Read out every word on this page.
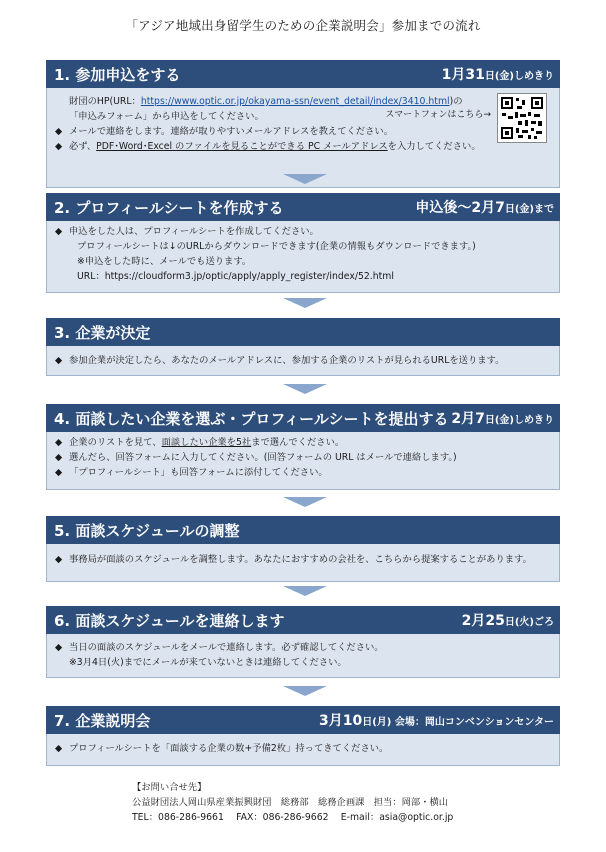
「アジア地域出身留学生のための企業説明会」参加までの流れ
1. 参加申込をする	1月31 日(金)しめきり
財団のHP(URL：https://www.optic.or.jp/okayama-ssn/event_detail/index/3410.html)の
「申込みフォーム」から申込をしてください。
◆ メールで連絡をします。連絡が取りやすいメールアドレスを教えてください。
◆ 必ず、PDF･Word･Excel のファイルを見ることができる PC メールアドレスを入力してください。
スマートフォンはこちら→
2. プロフィールシートを作成する	申込後～2月7 日(金)まで
◆ 申込をした人は、プロフィールシートを作成してください。
プロフィールシートは↓のURLからダウンロードできます(企業の情報もダウンロードできます。)
※申込をした時に、メールでも送ります。
URL：https://cloudform3.jp/optic/apply/apply_register/index/52.html
3. 企業が決定
◆ 参加企業が決定したら、あなたのメールアドレスに、参加する企業のリストが見られるURLを送ります。
4. 面談したい企業を選ぶ・プロフィールシートを提出する 2月7 日(金)しめきり
◆ 企業のリストを見て、面談したい企業を5社まで選んでください。
◆ 選んだら、回答フォームに入力してください。(回答フォームの URL はメールで連絡します。)
◆ 「プロフィールシート」も回答フォームに添付してください。
5. 面談スケジュールの調整
◆ 事務局が面談のスケジュールを調整します。あなたにおすすめの会社を、こちらから提案することがあります。
6. 面談スケジュールを連絡します	2月25 日(火)ごろ
◆ 当日の面談のスケジュールをメールで連絡します。必ず確認してください。
※3月4日(火)までにメールが来ていないときは連絡してください。
7. 企業説明会	3月10 日(月) 会場：岡山コンベンションセンター
◆ プロフィールシートを「面談する企業の数+予備2枚」持ってきてください。
【お問い合せ先】
公益財団法人岡山県産業振興財団　総務部　総務企画課　担当：岡部・横山
TEL：086-286-9661　 FAX：086-286-9662　 E-mail：asia@optic.or.jp
